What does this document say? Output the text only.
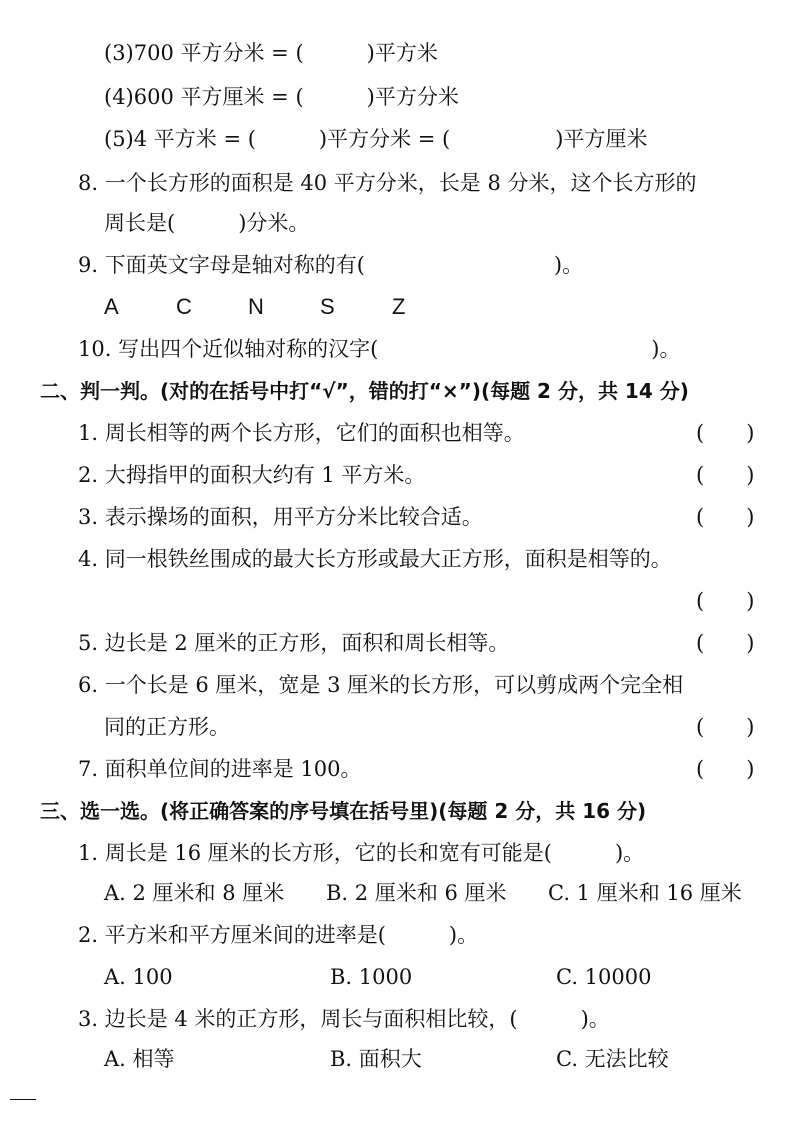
(3)700 平方分米 = (　　　)平方米
(4)600 平方厘米 = (　　　)平方分米
(5)4 平方米 = (　　　)平方分米 = (　　　　　)平方厘米
8. 一个长方形的面积是 40 平方分米，长是 8 分米，这个长方形的
周长是(　　　)分米。
9. 下面英文字母是轴对称的有(　　　　　　　　　)。
A	C	N	S	Z
10. 写出四个近似轴对称的汉字(　　　　　　　　　　　　　)。
二、判一判。(对的在括号中打“√”，错的打“×”)(每题 2 分，共 14 分)
1. 周长相等的两个长方形，它们的面积也相等。	(　　)
2. 大拇指甲的面积大约有 1 平方米。	(　　)
3. 表示操场的面积，用平方分米比较合适。	(　　)
4. 同一根铁丝围成的最大长方形或最大正方形，面积是相等的。
(　　)
5. 边长是 2 厘米的正方形，面积和周长相等。	(　　)
6. 一个长是 6 厘米，宽是 3 厘米的长方形，可以剪成两个完全相
同的正方形。	(　　)
7. 面积单位间的进率是 100。	(　　)
三、选一选。(将正确答案的序号填在括号里)(每题 2 分，共 16 分)
1. 周长是 16 厘米的长方形，它的长和宽有可能是(　　　)。
A. 2 厘米和 8 厘米 B. 2 厘米和 6 厘米 C. 1 厘米和 16 厘米
2. 平方米和平方厘米间的进率是(　　　)。
A. 100	B. 1000	C. 10000
3. 边长是 4 米的正方形，周长与面积相比较，(　　　)。
A. 相等	B. 面积大	C. 无法比较
